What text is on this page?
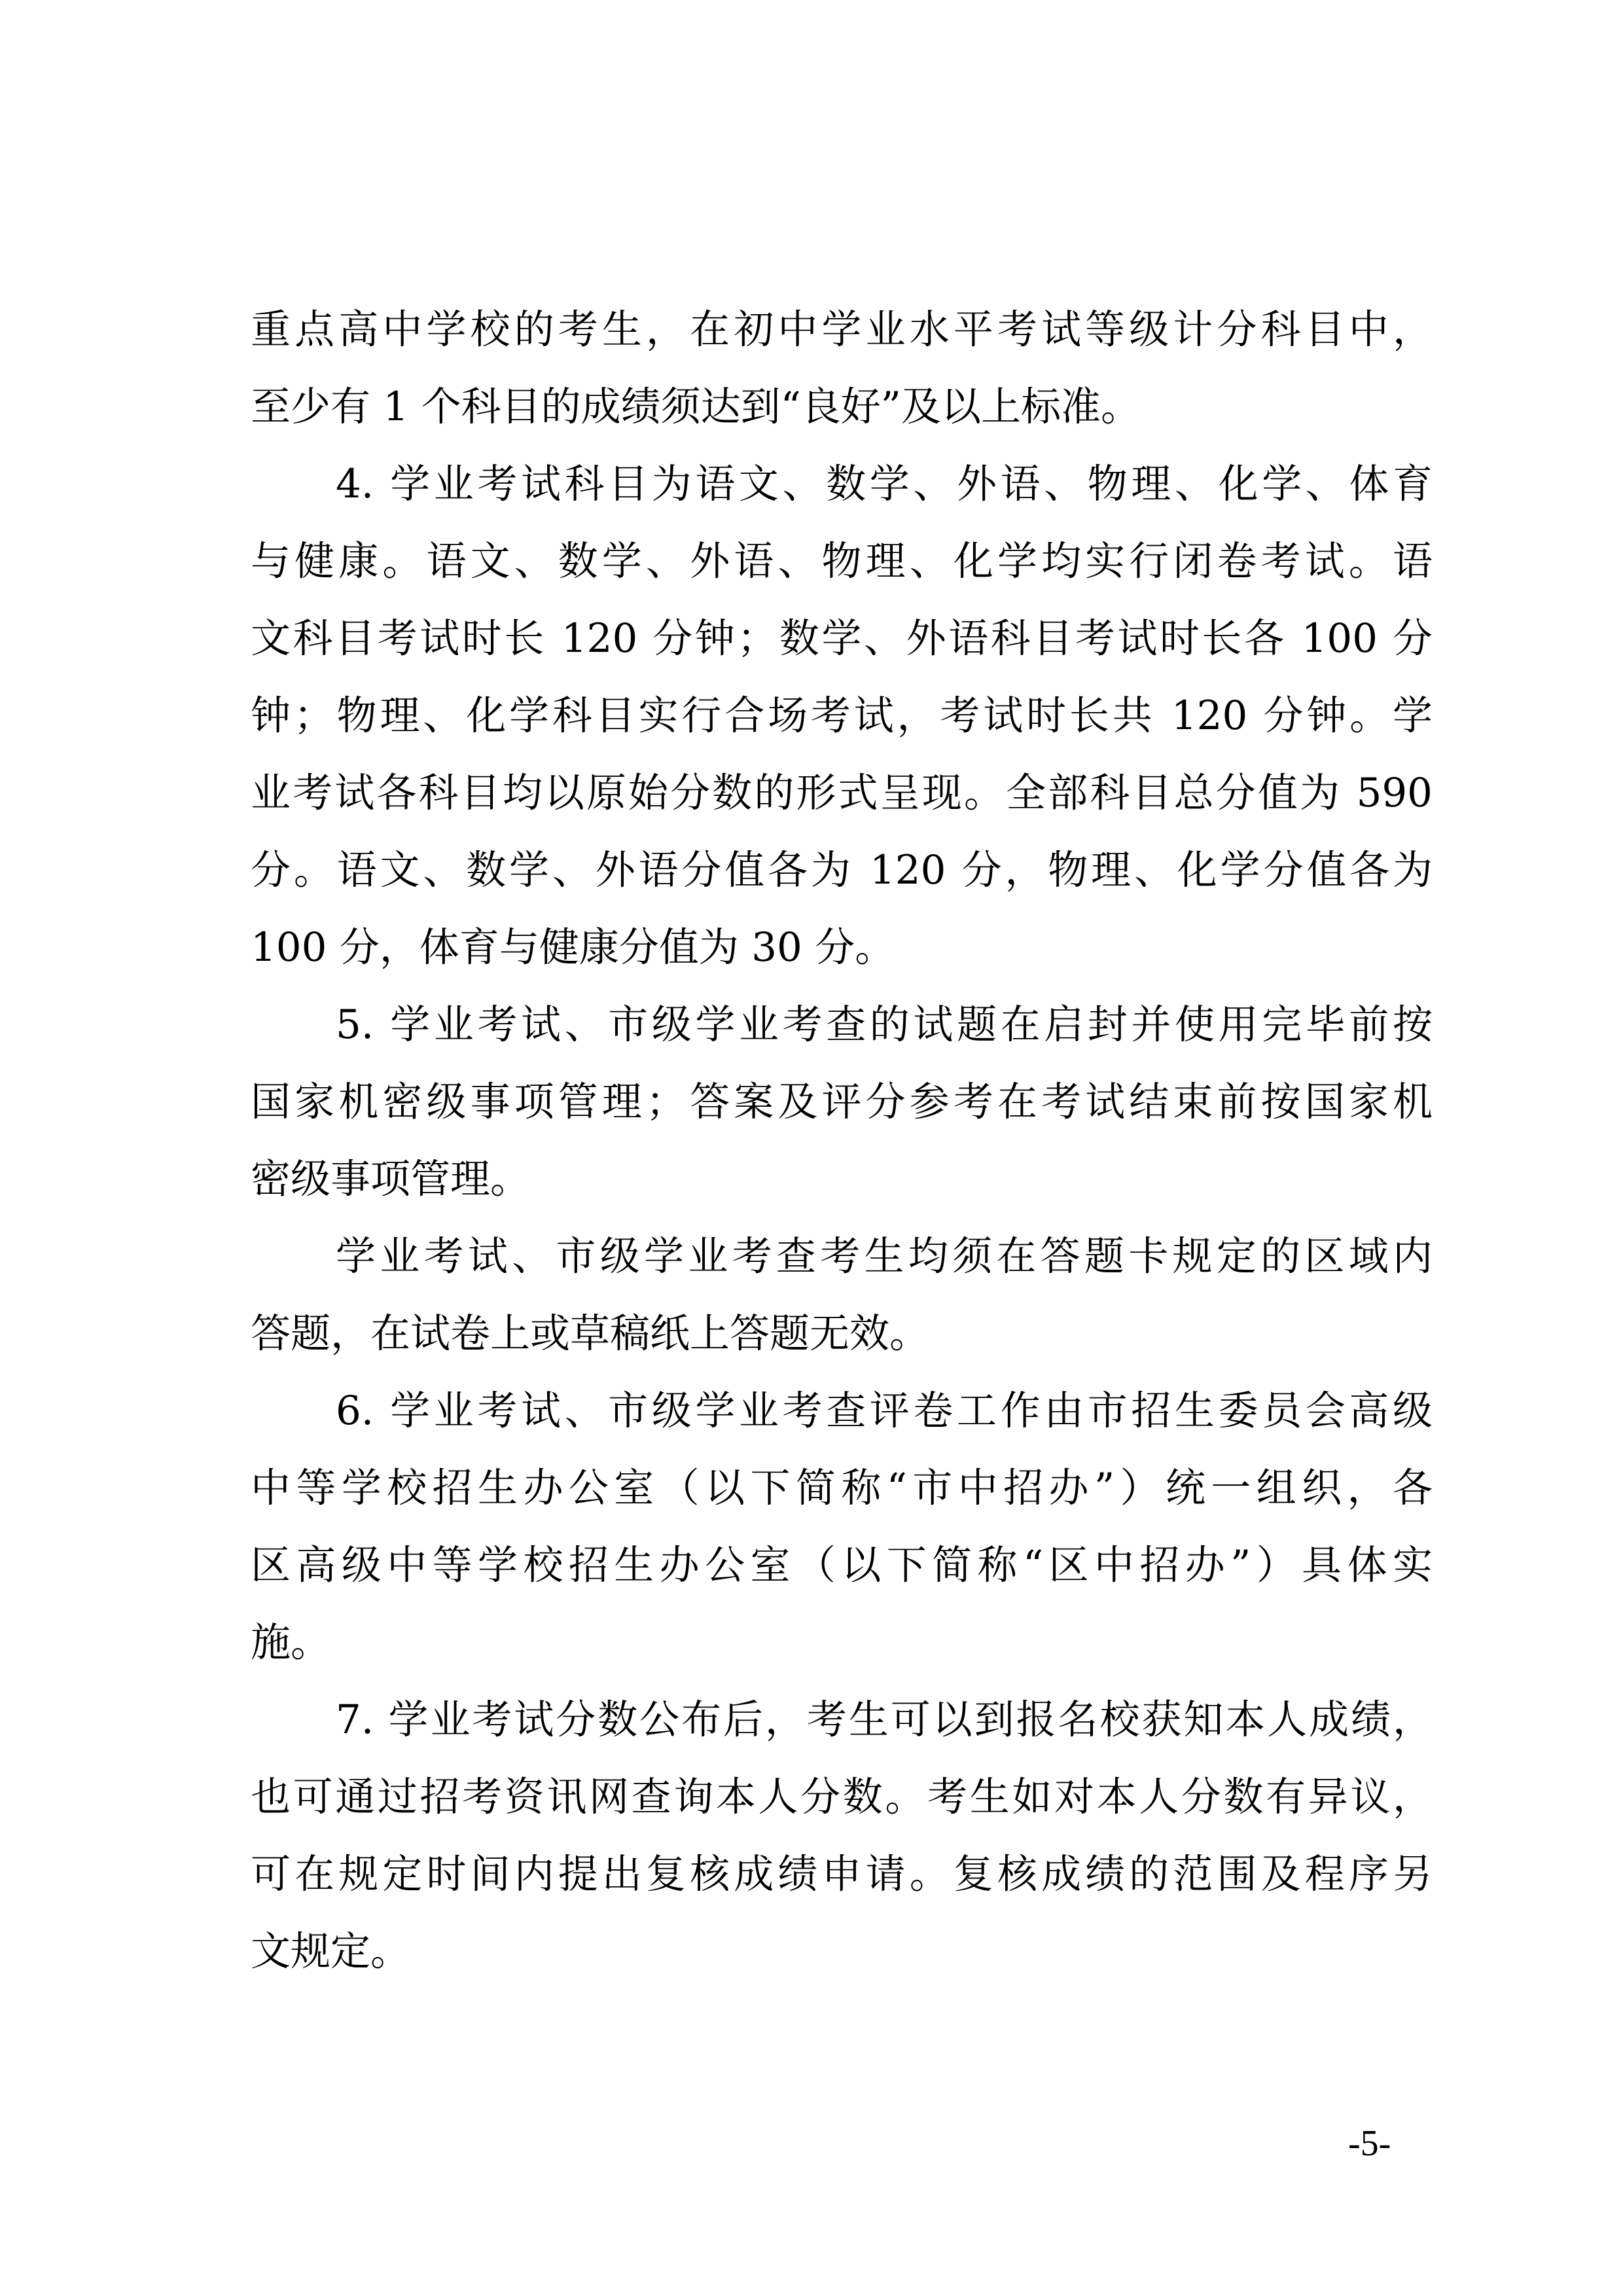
重点高中学校的考生，在初中学业水平考试等级计分科目中，
至少有 1 个科目的成绩须达到“良好”及以上标准。
4. 学业考试科目为语文、数学、外语、物理、化学、体育
与健康。语文、数学、外语、物理、化学均实行闭卷考试。语
文科目考试时长 120 分钟；数学、外语科目考试时长各 100 分
钟；物理、化学科目实行合场考试，考试时长共 120 分钟。学
业考试各科目均以原始分数的形式呈现。全部科目总分值为 590
分。语文、数学、外语分值各为 120 分，物理、化学分值各为
100 分，体育与健康分值为 30 分。
5. 学业考试、市级学业考查的试题在启封并使用完毕前按
国家机密级事项管理；答案及评分参考在考试结束前按国家机
密级事项管理。
学业考试、市级学业考查考生均须在答题卡规定的区域内
答题，在试卷上或草稿纸上答题无效。
6. 学业考试、市级学业考查评卷工作由市招生委员会高级
中等学校招生办公室（以下简称“市中招办”）统一组织，各
区高级中等学校招生办公室（以下简称“区中招办”）具体实
施。
7. 学业考试分数公布后，考生可以到报名校获知本人成绩，
也可通过招考资讯网查询本人分数。考生如对本人分数有异议，
可在规定时间内提出复核成绩申请。复核成绩的范围及程序另
文规定。
-5-
